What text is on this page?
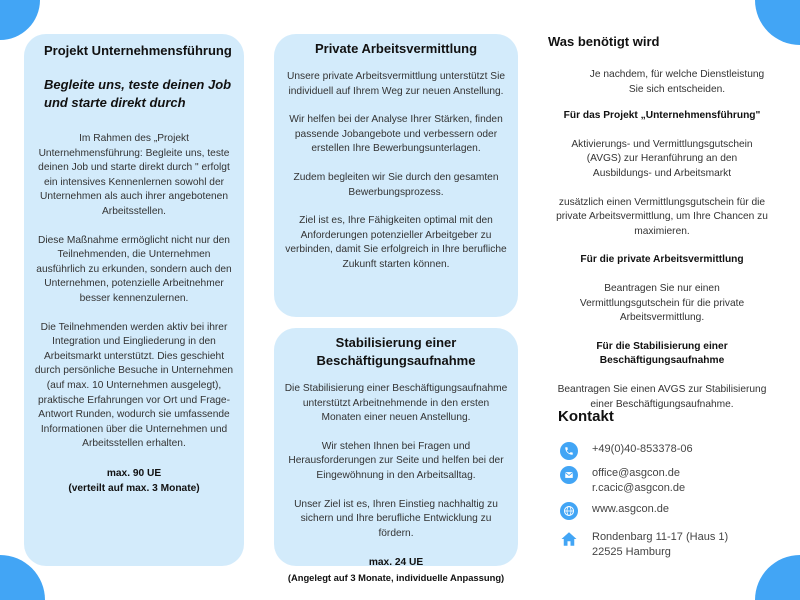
Projekt Unternehmensführung
Begleite uns, teste deinen Job und starte direkt durch

Im Rahmen des „Projekt Unternehmensführung: Begleite uns, teste deinen Job und starte direkt durch " erfolgt ein intensives Kennenlernen sowohl der Unternehmen als auch ihrer angebotenen Arbeitsstellen.

Diese Maßnahme ermöglicht nicht nur den Teilnehmenden, die Unternehmen ausführlich zu erkunden, sondern auch den Unternehmen, potenzielle Arbeitnehmer besser kennenzulernen.

Die Teilnehmenden werden aktiv bei ihrer Integration und Eingliederung in den Arbeitsmarkt unterstützt. Dies geschieht durch persönliche Besuche in Unternehmen (auf max. 10 Unternehmen ausgelegt), praktische Erfahrungen vor Ort und Frage-Antwort Runden, wodurch sie umfassende Informationen über die Unternehmen und Arbeitsstellen erhalten.

max. 90 UE
(verteilt auf max. 3 Monate)
Private Arbeitsvermittlung

Unsere private Arbeitsvermittlung unterstützt Sie individuell auf Ihrem Weg zur neuen Anstellung.

Wir helfen bei der Analyse Ihrer Stärken, finden passende Jobangebote und verbessern oder erstellen Ihre Bewerbungsunterlagen.

Zudem begleiten wir Sie durch den gesamten Bewerbungsprozess.

Ziel ist es, Ihre Fähigkeiten optimal mit den Anforderungen potenzieller Arbeitgeber zu verbinden, damit Sie erfolgreich in Ihre berufliche Zukunft starten können.

Stabilisierung einer Beschäftigungsaufnahme

Die Stabilisierung einer Beschäftigungsaufnahme unterstützt Arbeitnehmende in den ersten Monaten einer neuen Anstellung.

Wir stehen Ihnen bei Fragen und Herausforderungen zur Seite und helfen bei der Eingewöhnung in den Arbeitsalltag.

Unser Ziel ist es, Ihren Einstieg nachhaltig zu sichern und Ihre berufliche Entwicklung zu fördern.

max. 24 UE
(Angelegt auf 3 Monate, individuelle Anpassung)
Was benötigt wird
Je nachdem, für welche Dienstleistung Sie sich entscheiden.
Für das Projekt „Unternehmensführung"
Aktivierungs- und Vermittlungsgutschein (AVGS) zur Heranführung an den Ausbildungs- und Arbeitsmarkt
zusätzlich einen Vermittlungsgutschein für die private Arbeitsvermittlung, um Ihre Chancen zu maximieren.
Für die private Arbeitsvermittlung
Beantragen Sie nur einen Vermittlungsgutschein für die private Arbeitsvermittlung.
Für die Stabilisierung einer Beschäftigungsaufnahme
Beantragen Sie einen AVGS zur Stabilisierung einer Beschäftigungsaufnahme.
Kontakt
+49(0)40-853378-06
office@asgcon.de
r.cacic@asgcon.de
www.asgcon.de
Rondenbarg 11-17 (Haus 1)
22525 Hamburg
